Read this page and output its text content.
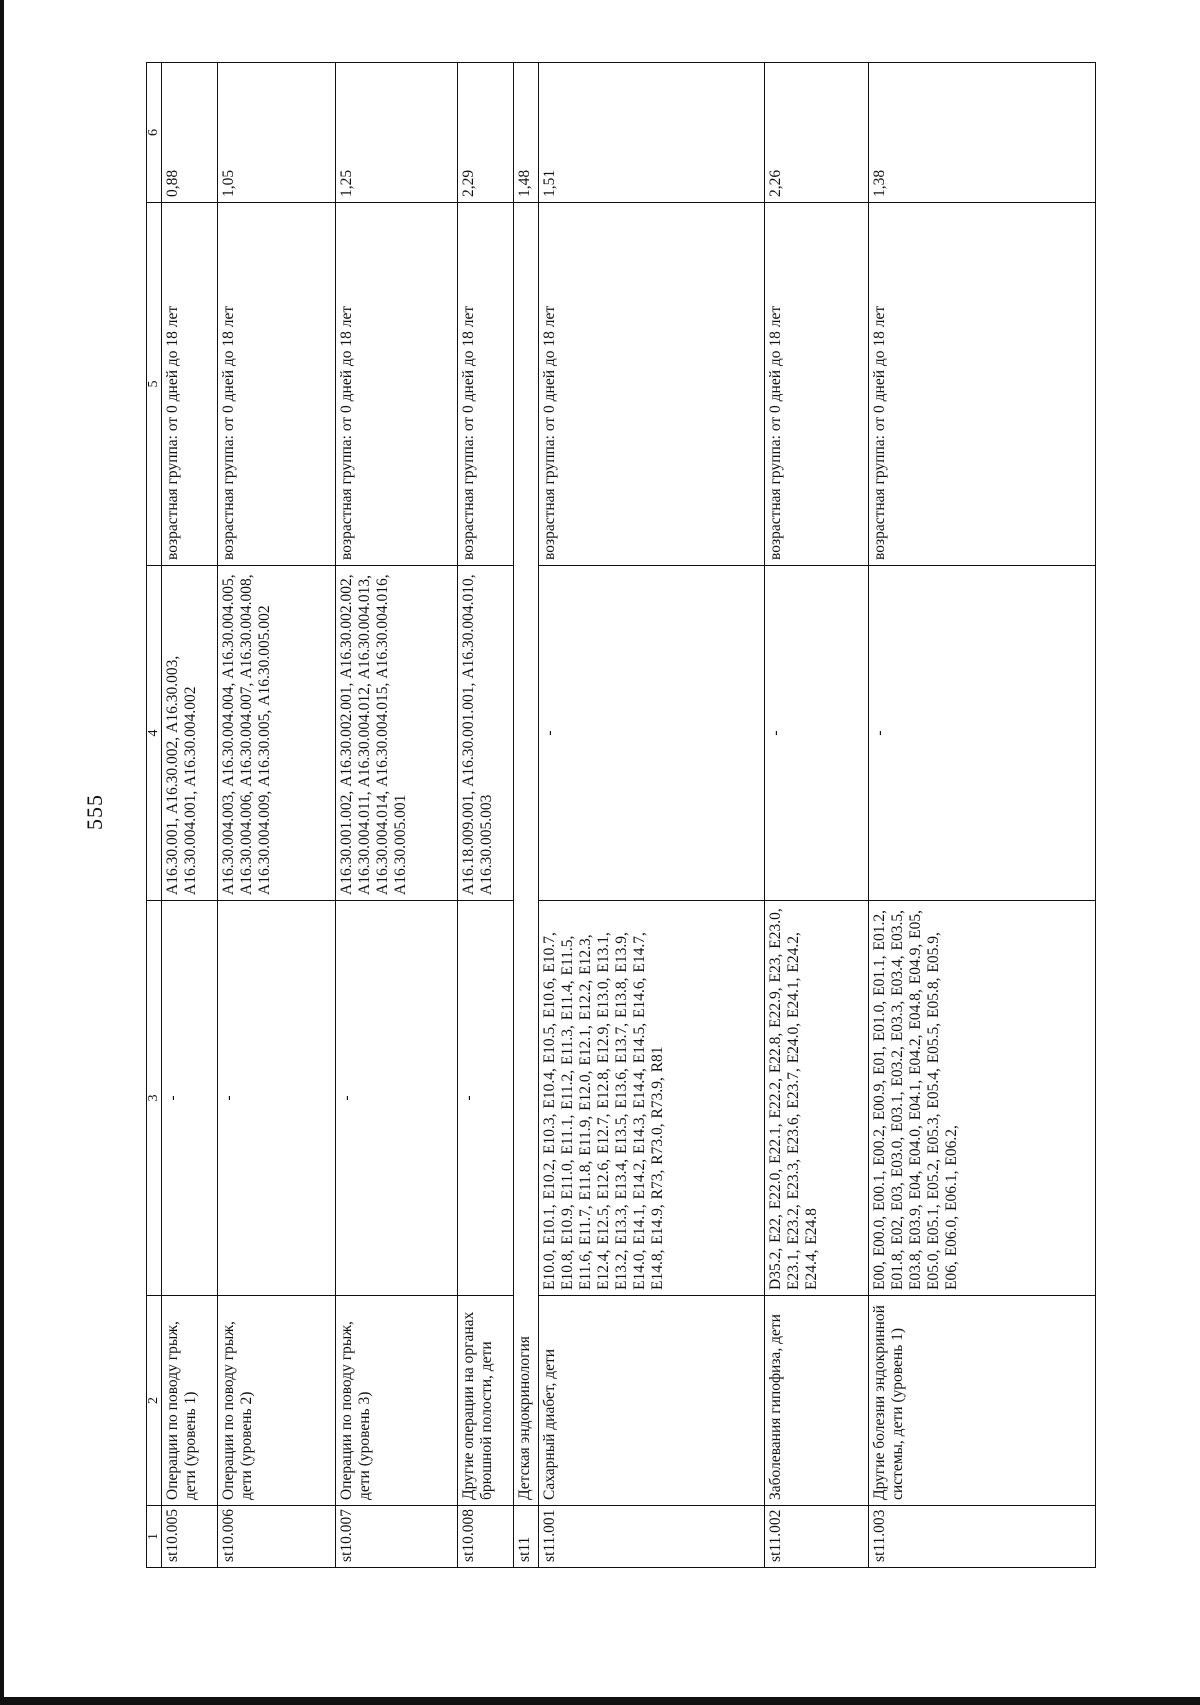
555
1	2	3	4	5	6
st10.005	Операции по поводу грыж, дети (уровень 1)	-	A16.30.001, A16.30.002, A16.30.003, A16.30.004.001, A16.30.004.002	возрастная группа: от 0 дней до 18 лет	0,88
st10.006	Операции по поводу грыж, дети (уровень 2)	-	A16.30.004.003, A16.30.004.004, A16.30.004.005, A16.30.004.006, A16.30.004.007, A16.30.004.008, A16.30.004.009, A16.30.005, A16.30.005.002	возрастная группа: от 0 дней до 18 лет	1,05
st10.007	Операции по поводу грыж, дети (уровень 3)	-	A16.30.001.002, A16.30.002.001, A16.30.002.002, A16.30.004.011, A16.30.004.012, A16.30.004.013, A16.30.004.014, A16.30.004.015, A16.30.004.016, A16.30.005.001	возрастная группа: от 0 дней до 18 лет	1,25
st10.008	Другие операции на органах брюшной полости, дети	-	A16.18.009.001, A16.30.001.001, A16.30.004.010, A16.30.005.003	возрастная группа: от 0 дней до 18 лет	2,29
st11	Детская эндокринология				1,48
st11.001	Сахарный диабет, дети	E10.0, E10.1, E10.2, E10.3, E10.4, E10.5, E10.6, E10.7, E10.8, E10.9, E11.0, E11.1, E11.2, E11.3, E11.4, E11.5, E11.6, E11.7, E11.8, E11.9, E12.0, E12.1, E12.2, E12.3, E12.4, E12.5, E12.6, E12.7, E12.8, E12.9, E13.0, E13.1, E13.2, E13.3, E13.4, E13.5, E13.6, E13.7, E13.8, E13.9, E14.0, E14.1, E14.2, E14.3, E14.4, E14.5, E14.6, E14.7, E14.8, E14.9, R73, R73.0, R73.9, R81	-	возрастная группа: от 0 дней до 18 лет	1,51
st11.002	Заболевания гипофиза, дети	D35.2, E22, E22.0, E22.1, E22.2, E22.8, E22.9, E23, E23.0, E23.1, E23.2, E23.3, E23.6, E23.7, E24.0, E24.1, E24.2, E24.4, E24.8	-	возрастная группа: от 0 дней до 18 лет	2,26
st11.003	Другие болезни эндокринной системы, дети (уровень 1)	E00, E00.0, E00.1, E00.2, E00.9, E01, E01.0, E01.1, E01.2, E01.8, E02, E03, E03.0, E03.1, E03.2, E03.3, E03.4, E03.5, E03.8, E03.9, E04, E04.0, E04.1, E04.2, E04.8, E04.9, E05, E05.0, E05.1, E05.2, E05.3, E05.4, E05.5, E05.8, E05.9, E06, E06.0, E06.1, E06.2,	-	возрастная группа: от 0 дней до 18 лет	1,38
